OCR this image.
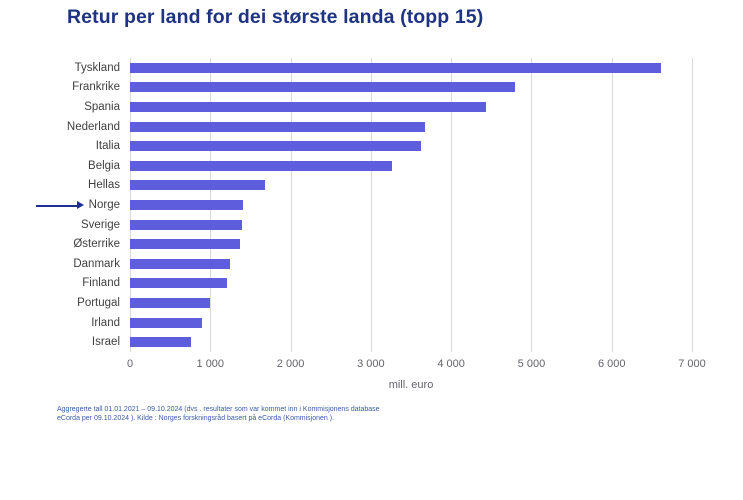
Retur per land for dei største landa (topp 15)
Tyskland
Frankrike
Spania
Nederland
Italia
Belgia
Hellas
Norge
Sverige
Østerrike
Danmark
Finland
Portugal
Irland
Israel
0	1 000	2 000	3 000	4 000	5 000	6 000	7 000
mill. euro
Aggregerte tall 01.01.2021 – 09.10.2024 (dvs . resultater som var kommet inn i Kommisjonens database
eCorda per 09.10.2024 ). Kilde : Norges forskningsråd basert på eCorda (Kommisjonen ).
